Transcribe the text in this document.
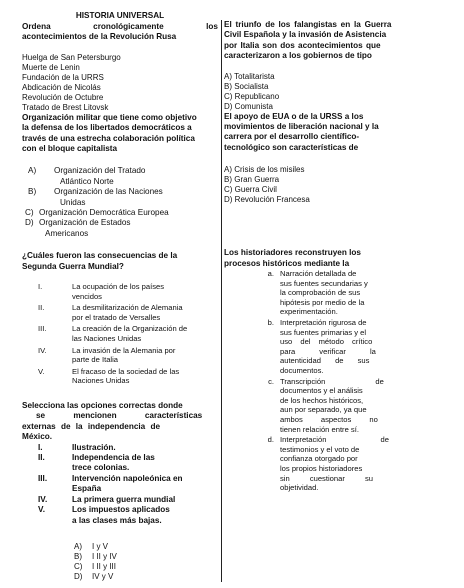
HISTORIA UNIVERSAL
Ordena	cronológicamente	los
acontecimientos de la Revolución Rusa
Huelga de San Petersburgo
Muerte de Lenin
Fundación de la URRS
Abdicación de Nicolás
Revolución de Octubre
Tratado de Brest Litovsk
Organización militar que tiene como objetivo
la defensa de los libertados democráticos a
través de una estrecha colaboración política
con el bloque capitalista
A)	Organización del Tratado
Atlántico Norte
B)	Organización de las Naciones
Unidas
C) Organización Democrática Europea
D) Organización de Estados
Americanos
¿Cuáles fueron las consecuencias de la
Segunda Guerra Mundial?
I.	La ocupación de los países
vencidos
II.	La desmilitarización de Alemania
por el tratado de Versalles
III.	La creación de la Organización de
las Naciones Unidas
IV.	La invasión de la Alemania por
parte de Italia
V.	El fracaso de la sociedad de las
Naciones Unidas
Selecciona las opciones correctas donde
se mencionen características
externas de la independencia de
México.
I.	Ilustración.
II.	Independencia de las
trece colonias.
III.	Intervención napoleónica en
España
IV.	La primera guerra mundial
V.	Los impuestos aplicados
a las clases más bajas.
A)	I y V
B)	I II y IV
C)	I II y III
D)	IV y V
El triunfo de los falangistas en la Guerra
Civil Española y la invasión de Asistencia
por Italia son dos acontecimientos que
caracterizaron a los gobiernos de tipo
A) Totalitarista
B) Socialista
C) Republicano
D) Comunista
El apoyo de EUA o de la URSS a los
movimientos de liberación nacional y la
carrera por el desarrollo científico-
tecnológico son características de
A) Crisis de los misiles
B) Gran Guerra
C) Guerra Civil
D) Revolución Francesa
Los historiadores reconstruyen los
procesos históricos mediante la
a. Narración detallada de
sus fuentes secundarias y
la comprobación de sus
hipótesis por medio de la
experimentación.
b. Interpretación rigurosa de
sus fuentes primarias y el
uso del método crítico
para verificar la
autenticidad de sus
documentos.
c. Transcripción de
documentos y el análisis
de los hechos históricos,
aun por separado, ya que
ambos aspectos no
tienen relación entre sí.
d. Interpretación de
testimonios y el voto de
confianza otorgado por
los propios historiadores
sin cuestionar su
objetividad.
